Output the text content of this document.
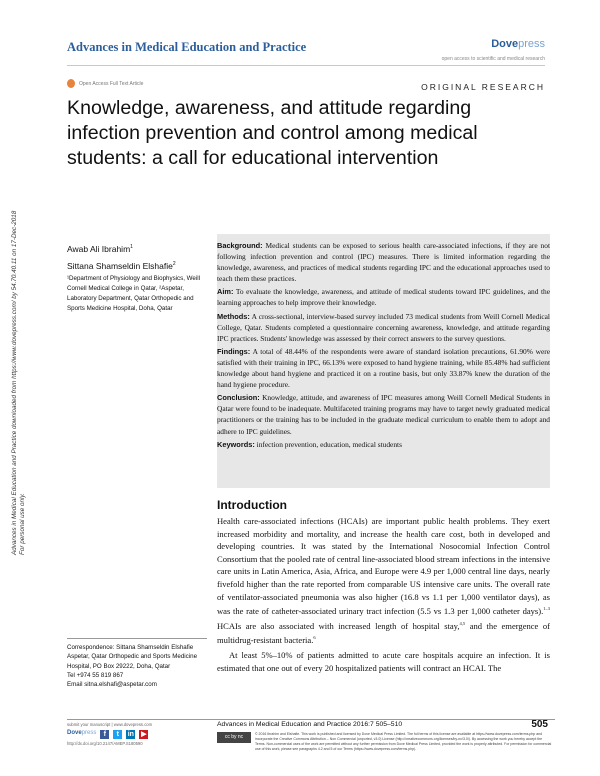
Advances in Medical Education and Practice	Dovepress
open access to scientific and medical research
Open Access Full Text Article	ORIGINAL RESEARCH
Knowledge, awareness, and attitude regarding infection prevention and control among medical students: a call for educational intervention
Advances in Medical Education and Practice downloaded from https://www.dovepress.com/ by 54.70.40.11 on 17-Dec-2018 For personal use only.
Awab Ali Ibrahim$^1$
Sittana Shamseldin Elshafie$^2$
¹Department of Physiology and Biophysics, Weill Cornell Medical College in Qatar, ²Aspetar, Laboratory Department, Qatar Orthopedic and Sports Medicine Hospital, Doha, Qatar

Background: Medical students can be exposed to serious health care-associated infections, if they are not following infection prevention and control (IPC) measures. There is limited information regarding the knowledge, awareness, and practices of medical students regarding IPC and the educational approaches used to teach them these practices.

Aim: To evaluate the knowledge, awareness, and attitude of medical students toward IPC guidelines, and the learning approaches to help improve their knowledge.

Methods: A cross-sectional, interview-based survey included 73 medical students from Weill Cornell Medical College, Qatar. Students completed a questionnaire concerning awareness, knowledge, and attitude regarding IPC practices. Students' knowledge was assessed by their correct answers to the survey questions.

Findings: A total of 48.44% of the respondents were aware of standard isolation precautions, 61.90% were satisfied with their training in IPC, 66.13% were exposed to hand hygiene training, while 85.48% had sufficient knowledge about hand hygiene and practiced it on a routine basis, but only 33.87% knew the duration of the hand hygiene procedure.

Conclusion: Knowledge, attitude, and awareness of IPC measures among Weill Cornell Medical Students in Qatar were found to be inadequate. Multifaceted training programs may have to target newly graduated medical practitioners or the training has to be included in the graduate medical curriculum to enable them to adopt and adhere to IPC guidelines.

Keywords: infection prevention, education, medical students

Introduction

Health care-associated infections (HCAIs) are important public health problems. They exert increased morbidity and mortality, and increase the health care cost, both in developed and developing countries. It was stated by the International Nosocomial Infection Control Consortium that the pooled rate of central line-associated blood stream infections in the intensive care units in Latin America, Asia, Africa, and Europe were 4.9 per 1,000 central line days, nearly fivefold higher than the rate reported from comparable US intensive care units. The overall rate of ventilator-associated pneumonia was also higher (16.8 vs 1.1 per 1,000 ventilator days), as was the rate of catheter-associated urinary tract infection (5.5 vs 1.3 per 1,000 catheter days).$^{1-3}$ HCAIs are also associated with increased length of hospital stay,$^{4,5}$ and the emergence of multidrug-resistant bacteria.$^6$

At least 5%–10% of patients admitted to acute care hospitals acquire an infection. It is estimated that one out of every 20 hospitalized patients will contract an HCAI. The

Correspondence: Sittana Shamseldin Elshafie
Aspetar, Qatar Orthopedic and Sports Medicine Hospital, PO Box 29222, Doha, Qatar
Tel +974 55 819 867
Email sitna.elshafi@aspetar.com
submit your manuscript | www.dovepress.com
Dovepress	f	t	in ▶
http://dx.doi.org/10.2147/AMEP.S180590
Advances in Medical Education and Practice 2016:7 505–510	505
cc by nc	© 2016 Ibrahim and Elshafie. This work is published and licensed by Dove Medical Press Limited. The full terms of this license are available at https://www.dovepress.com/terms.php and incorporate the Creative Commons Attribution – Non Commercial (unported, v3.0) License (http://creativecommons.org/licenses/by-nc/3.0/). By accessing the work you hereby accept the Terms. Non-commercial uses of the work are permitted without any further permission from Dove Medical Press Limited, provided the work is properly attributed. For permission for commercial use of this work, please see paragraphs 4.2 and 5 of our Terms (https://www.dovepress.com/terms.php).
